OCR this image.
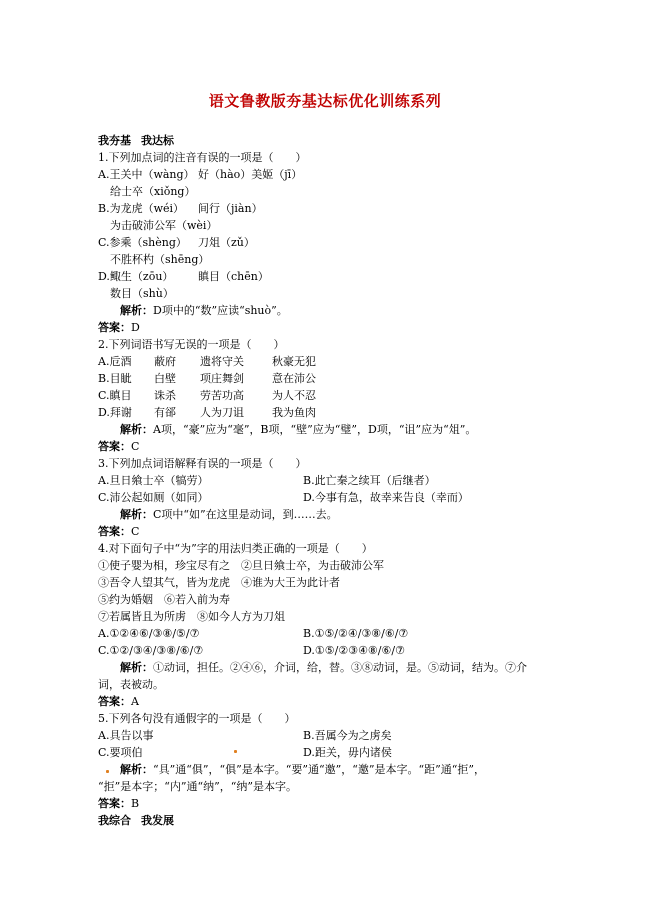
语文鲁教版夯基达标优化训练系列
我夯基 我达标
1.下列加点词的注音有误的一项是（　　）
A.王关中（wàng） 好（hào）美姬（jī）
给士卒（xiǒng）
B.为龙虎（wéi） 间行（jiàn）
为击破沛公军（wèi）
C.参乘（shèng） 刀俎（zǔ）
不胜杯杓（shēng）
D.鲰生（zōu） 瞋目（chēn）
数目（shù）
解析：D项中的“数”应读“shuò”。
答案：D
2.下列词语书写无误的一项是（　　）
A.卮酒 蔽府 遗将守关	秋豪无犯
B.目眦 白壁 项庄舞剑	意在沛公
C.瞋目 诛杀 劳苦功高	为人不忍
D.拜谢 有郤 人为刀诅	我为鱼肉
解析：A项，“豪”应为“毫”，B项，“壁”应为“璧”，D项，“诅”应为“俎”。
答案：C
3.下列加点词语解释有误的一项是（　　）
A.旦日飨士卒（犒劳）	B.此亡秦之续耳（后继者）
C.沛公起如厕（如同）	D.今事有急，故幸来告良（幸而）
解析：C项中“如”在这里是动词，到……去。
答案：C
4.对下面句子中“为”字的用法归类正确的一项是（　　）
①使子婴为相，珍宝尽有之　②旦日飨士卒，为击破沛公军
③吾令人望其气，皆为龙虎　④谁为大王为此计者
⑤约为婚姻　⑥若入前为寿
⑦若属皆且为所虏　⑧如今人方为刀俎
A.①②④⑥/③⑧/⑤/⑦	B.①⑤/②④/③⑧/⑥/⑦
C.①②/③④/③⑧/⑥/⑦	D.①⑤/②③④⑧/⑥/⑦
解析：①动词，担任。②④⑥，介词，给，替。③⑧动词，是。⑤动词，结为。⑦介
词，表被动。
答案：A
5.下列各句没有通假字的一项是（　　）
A.具告以事	B.吾属今为之虏矣
C.要项伯	D.距关，毋内诸侯
解析：“具”通“俱”，“俱”是本字。“要”通“邀”，“邀”是本字。“距”通“拒”，
“拒”是本字；“内”通“纳”，“纳”是本字。
答案：B
我综合 我发展
